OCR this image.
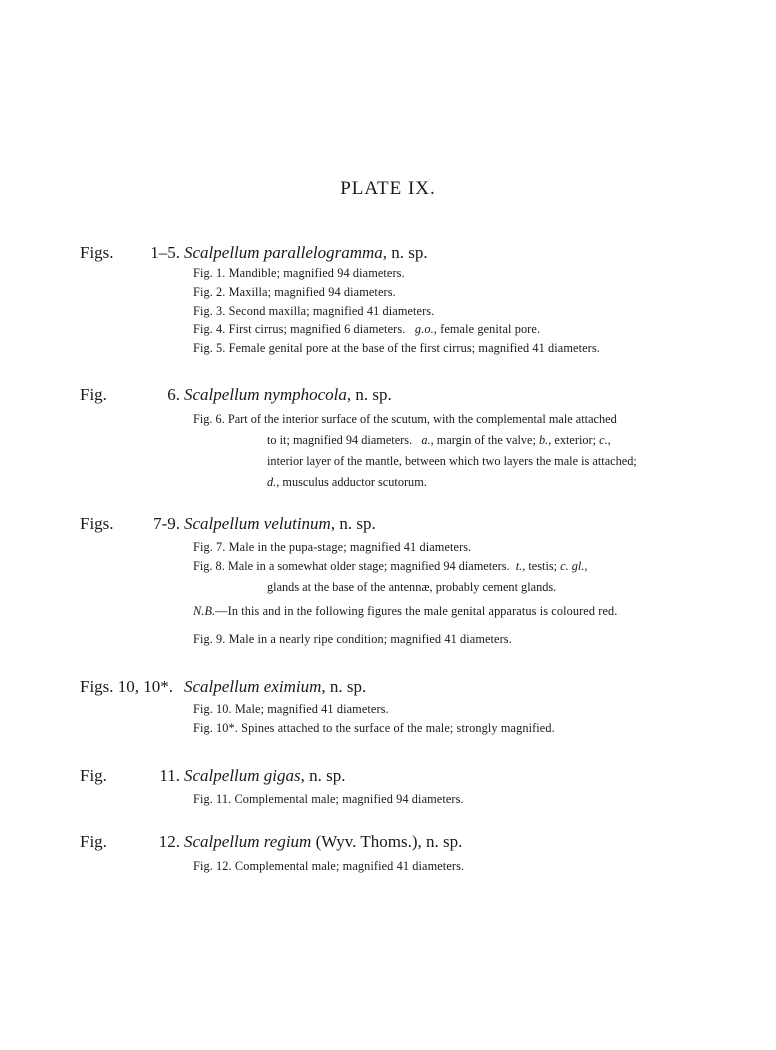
PLATE IX.
Figs. 1–5. Scalpellum parallelogramma, n. sp.
Fig. 1. Mandible; magnified 94 diameters.
Fig. 2. Maxilla; magnified 94 diameters.
Fig. 3. Second maxilla; magnified 41 diameters.
Fig. 4. First cirrus; magnified 6 diameters. g.o., female genital pore.
Fig. 5. Female genital pore at the base of the first cirrus; magnified 41 diameters.
Fig.	6. Scalpellum nymphocola, n. sp.
Fig. 6. Part of the interior surface of the scutum, with the complemental male attached
to it; magnified 94 diameters. a., margin of the valve; b., exterior; c.,
interior layer of the mantle, between which two layers the male is attached;
d., musculus adductor scutorum.
Figs. 7-9. Scalpellum velutinum, n. sp.
Fig. 7. Male in the pupa-stage; magnified 41 diameters.
Fig. 8. Male in a somewhat older stage; magnified 94 diameters. t., testis; c. gl.,
glands at the base of the antennæ, probably cement glands.
N.B.—In this and in the following figures the male genital apparatus is coloured red.
Fig. 9. Male in a nearly ripe condition; magnified 41 diameters.
Figs. 10, 10*. Scalpellum eximium, n. sp.
Fig. 10. Male; magnified 41 diameters.
Fig. 10*. Spines attached to the surface of the male; strongly magnified.
Fig.	11. Scalpellum gigas, n. sp.
Fig. 11. Complemental male; magnified 94 diameters.
Fig.	12. Scalpellum regium (Wyv. Thoms.), n. sp.
Fig. 12. Complemental male; magnified 41 diameters.
